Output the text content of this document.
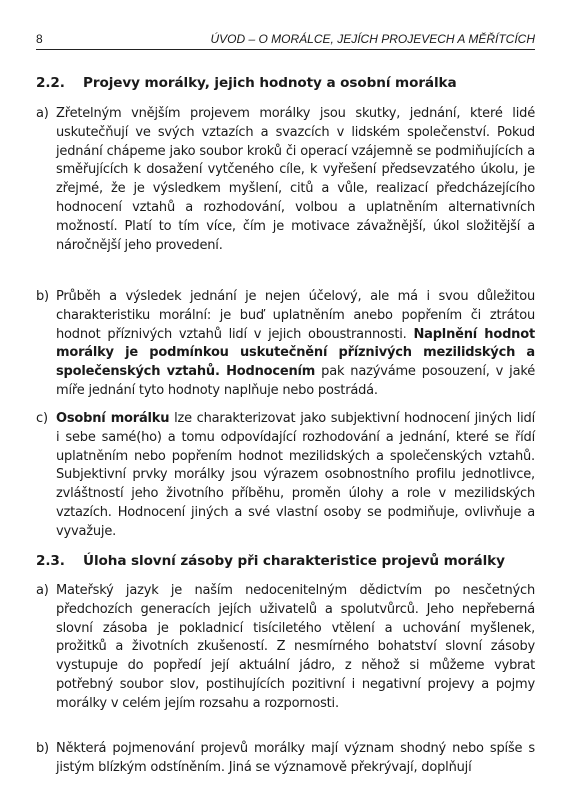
8	ÚVOD – O MORÁLCE, JEJÍCH PROJEVECH A MĚŘÍTCÍCH
2.2. Projevy morálky, jejich hodnoty a osobní morálka
a) Zřetelným vnějším projevem morálky jsou skutky, jednání, které lidé uskutečňují ve svých vztazích a svazcích v lidském společenství. Pokud jednání chápeme jako soubor kroků či operací vzájemně se podmiňujících a směřujících k dosažení vytčeného cíle, k vyřešení předsevzatého úkolu, je zřejmé, že je výsledkem myšlení, citů a vůle, realizací předcházejícího hodnocení vztahů a rozhodování, volbou a uplatněním alternativních možností. Platí to tím více, čím je motivace závažnější, úkol složitější a náročnější jeho provedení.
b) Průběh a výsledek jednání je nejen účelový, ale má i svou důležitou charakteristiku morální: je buď uplatněním anebo popřením či ztrátou hodnot příznivých vztahů lidí v jejich oboustrannosti. Naplnění hodnot morálky je podmínkou uskutečnění příznivých mezilidských a společenských vztahů. Hodnocením pak nazýváme posouzení, v jaké míře jednání tyto hodnoty naplňuje nebo postrádá.
c) Osobní morálku lze charakterizovat jako subjektivní hodnocení jiných lidí i sebe samé(ho) a tomu odpovídající rozhodování a jednání, které se řídí uplatněním nebo popřením hodnot mezilidských a společenských vztahů. Subjektivní prvky morálky jsou výrazem osobnostního profilu jednotlivce, zvláštností jeho životního příběhu, proměn úlohy a role v mezilidských vztazích. Hodnocení jiných a své vlastní osoby se podmiňuje, ovlivňuje a vyvažuje.
2.3. Úloha slovní zásoby při charakteristice projevů morálky
a) Mateřský jazyk je naším nedocenitelným dědictvím po nesčetných předchozích generacích jejích uživatelů a spolutvůrců. Jeho nepřeberná slovní zásoba je pokladnicí tisíciletého vtělení a uchování myšlenek, prožitků a životních zkušeností. Z nesmírného bohatství slovní zásoby vystupuje do popředí její aktuální jádro, z něhož si můžeme vybrat potřebný soubor slov, postihujících pozitivní i negativní projevy a pojmy morálky v celém jejím rozsahu a rozpornosti.
b) Některá pojmenování projevů morálky mají význam shodný nebo spíše s jistým blízkým odstíněním. Jiná se významově překrývají, doplňují
